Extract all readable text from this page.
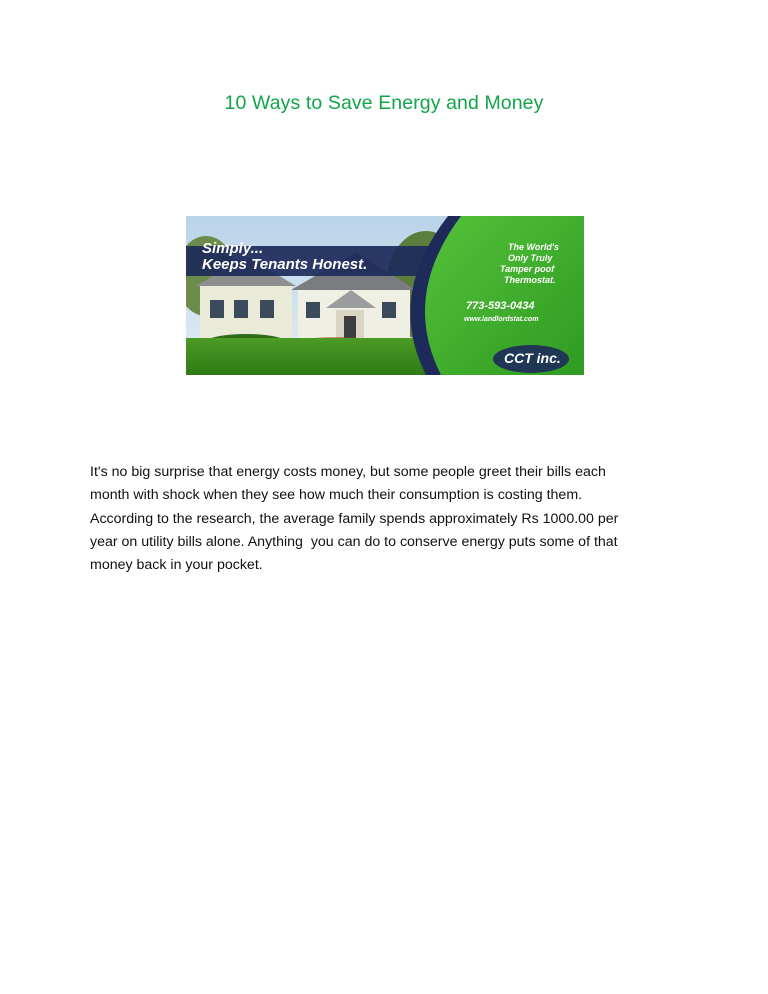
10 Ways to Save Energy and Money
Simply...
Keeps Tenants Honest.
The World's
Only Truly
Tamper poof
Thermostat.
773-593-0434
www.landlordstat.com
CCT inc.

It's no big surprise that energy costs money, but some people greet their bills each

month with shock when they see how much their consumption is costing them.

According to the research, the average family spends approximately Rs 1000.00 per

year on utility bills alone. Anything  you can do to conserve energy puts some of that

money back in your pocket.
